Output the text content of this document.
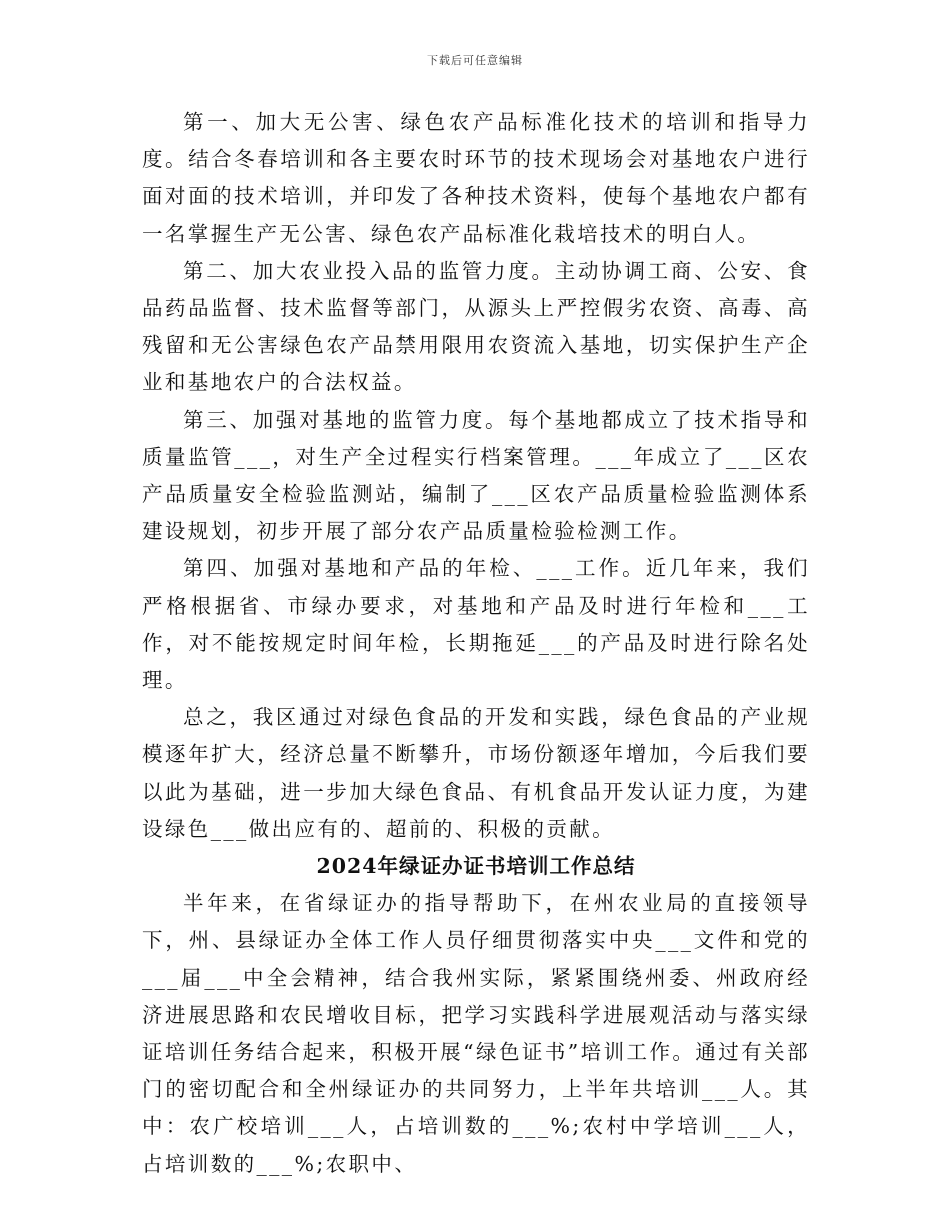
下载后可任意编辑

第一、加大无公害、绿色农产品标准化技术的培训和指导力度。结合冬春培训和各主要农时环节的技术现场会对基地农户进行面对面的技术培训，并印发了各种技术资料，使每个基地农户都有一名掌握生产无公害、绿色农产品标准化栽培技术的明白人。

第二、加大农业投入品的监管力度。主动协调工商、公安、食品药品监督、技术监督等部门，从源头上严控假劣农资、高毒、高残留和无公害绿色农产品禁用限用农资流入基地，切实保护生产企业和基地农户的合法权益。

第三、加强对基地的监管力度。每个基地都成立了技术指导和质量监管___，对生产全过程实行档案管理。___年成立了___区农产品质量安全检验监测站，编制了___区农产品质量检验监测体系建设规划，初步开展了部分农产品质量检验检测工作。

第四、加强对基地和产品的年检、___工作。近几年来，我们严格根据省、市绿办要求，对基地和产品及时进行年检和___工作，对不能按规定时间年检，长期拖延___的产品及时进行除名处理。

总之，我区通过对绿色食品的开发和实践，绿色食品的产业规模逐年扩大，经济总量不断攀升，市场份额逐年增加，今后我们要以此为基础，进一步加大绿色食品、有机食品开发认证力度，为建设绿色___做出应有的、超前的、积极的贡献。

2024年绿证办证书培训工作总结

半年来，在省绿证办的指导帮助下，在州农业局的直接领导下，州、县绿证办全体工作人员仔细贯彻落实中央___文件和党的___届___中全会精神，结合我州实际，紧紧围绕州委、州政府经济进展思路和农民增收目标，把学习实践科学进展观活动与落实绿证培训任务结合起来，积极开展“绿色证书”培训工作。通过有关部门的密切配合和全州绿证办的共同努力，上半年共培训___人。其中：农广校培训___人，占培训数的___%;农村中学培训___人，占培训数的___%;农职中、
